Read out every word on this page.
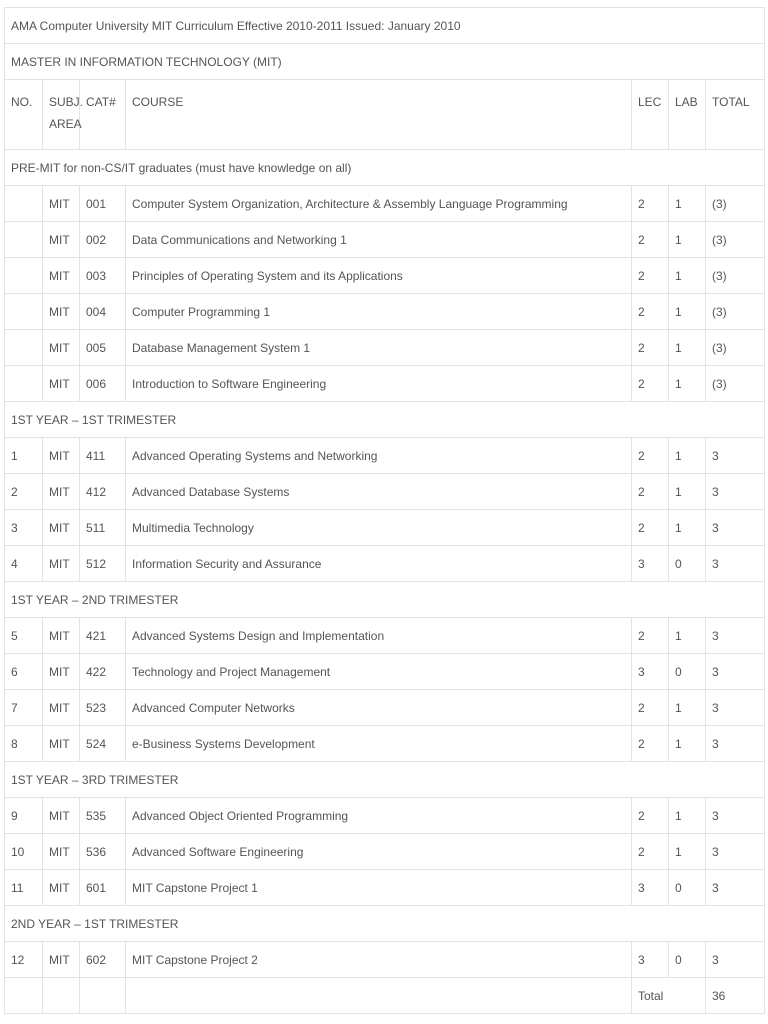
AMA Computer University MIT Curriculum Effective 2010-2011 Issued: January 2010						
MASTER IN INFORMATION TECHNOLOGY (MIT)						
NO.	SUBJ. AREA	CAT#	COURSE	LEC	LAB	TOTAL
PRE-MIT for non-CS/IT graduates (must have knowledge on all)						
	MIT	001	Computer System Organization, Architecture & Assembly Language Programming	2	1	(3)
	MIT	002	Data Communications and Networking 1	2	1	(3)
	MIT	003	Principles of Operating System and its Applications	2	1	(3)
	MIT	004	Computer Programming 1	2	1	(3)
	MIT	005	Database Management System 1	2	1	(3)
	MIT	006	Introduction to Software Engineering	2	1	(3)
1ST YEAR – 1ST TRIMESTER						
1	MIT	411	Advanced Operating Systems and Networking	2	1	3
2	MIT	412	Advanced Database Systems	2	1	3
3	MIT	511	Multimedia Technology	2	1	3
4	MIT	512	Information Security and Assurance	3	0	3
1ST YEAR – 2ND TRIMESTER						
5	MIT	421	Advanced Systems Design and Implementation	2	1	3
6	MIT	422	Technology and Project Management	3	0	3
7	MIT	523	Advanced Computer Networks	2	1	3
8	MIT	524	e-Business Systems Development	2	1	3
1ST YEAR – 3RD TRIMESTER						
9	MIT	535	Advanced Object Oriented Programming	2	1	3
10	MIT	536	Advanced Software Engineering	2	1	3
11	MIT	601	MIT Capstone Project 1	3	0	3
2ND YEAR – 1ST TRIMESTER						
12	MIT	602	MIT Capstone Project 2	3	0	3
				Total		36
